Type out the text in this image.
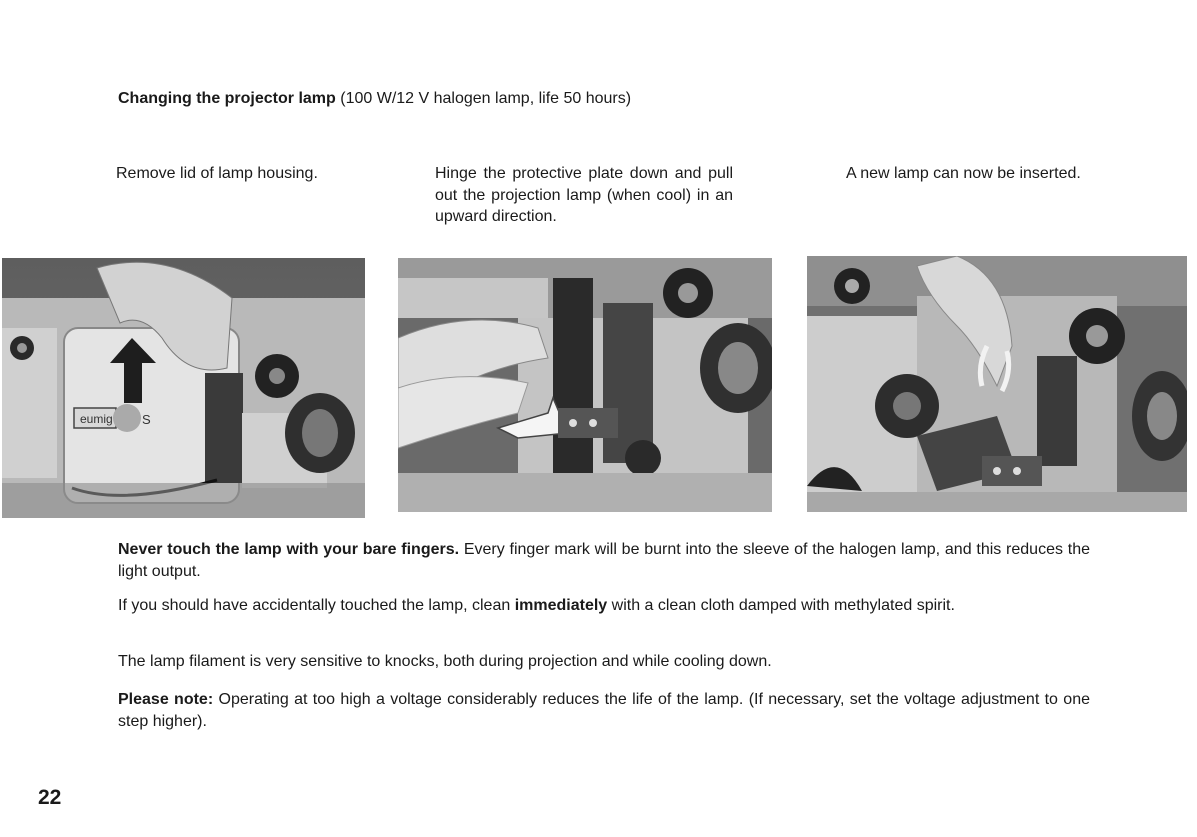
Changing the projector lamp (100 W/12 V halogen lamp, life 50 hours)
Remove lid of lamp housing.	Hinge the protective plate down and pull out the projection lamp (when cool) in an upward direction.
A new lamp can now be inserted.
eumig S
Never touch the lamp with your bare fingers. Every finger mark will be burnt into the sleeve of the halogen lamp, and this reduces the light output.
If you should have accidentally touched the lamp, clean immediately with a clean cloth damped with methylated spirit.
The lamp filament is very sensitive to knocks, both during projection and while cooling down.
Please note: Operating at too high a voltage considerably reduces the life of the lamp. (If necessary, set the voltage adjustment to one step higher).
22
